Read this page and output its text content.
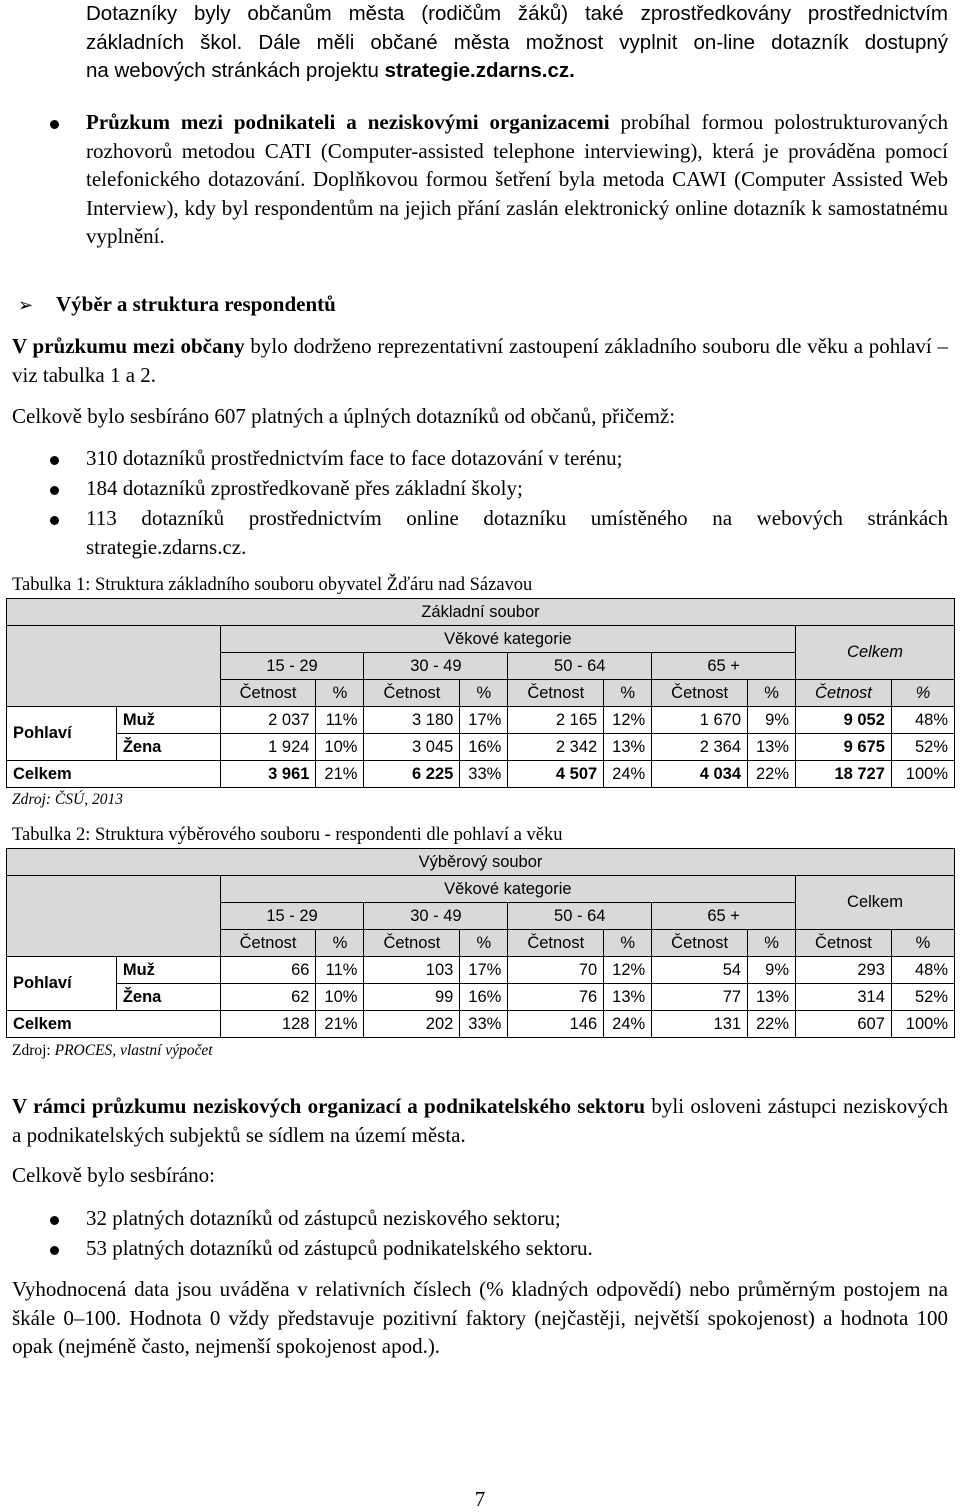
Dotazníky byly občanům města (rodičům žáků) také zprostředkovány prostřednictvím
základních škol. Dále měli občané města možnost vyplnit on-line dotazník dostupný
na webových stránkách projektu strategie.zdarns.cz.
Průzkum mezi podnikateli a neziskovými organizacemi probíhal formou polostrukturovaných rozhovorů metodou CATI (Computer-assisted telephone interviewing), která je prováděna pomocí telefonického dotazování. Doplňkovou formou šetření byla metoda CAWI (Computer Assisted Web Interview), kdy byl respondentům na jejich přání zaslán elektronický online dotazník k samostatnému vyplnění.
➢ Výběr a struktura respondentů
V průzkumu mezi občany bylo dodrženo reprezentativní zastoupení základního souboru dle věku a pohlaví – viz tabulka 1 a 2.
Celkově bylo sesbíráno 607 platných a úplných dotazníků od občanů, přičemž:
310 dotazníků prostřednictvím face to face dotazování v terénu;
184 dotazníků zprostředkovaně přes základní školy;
113 dotazníků prostřednictvím online dotazníku umístěného na webových stránkách strategie.zdarns.cz.
Tabulka 1: Struktura základního souboru obyvatel Žďáru nad Sázavou
Základní soubor											
		Věkové kategorie								Celkem	
		15 - 29		30 - 49		50 - 64		65 +			
		Četnost	%	Četnost	%	Četnost	%	Četnost	%	Četnost	%
Pohlaví	Muž	2 037	11%	3 180	17%	2 165	12%	1 670	9%	9 052	48%
	Žena	1 924	10%	3 045	16%	2 342	13%	2 364	13%	9 675	52%
Celkem		3 961	21%	6 225	33%	4 507	24%	4 034	22%	18 727	100%
Zdroj: ČSÚ, 2013
Tabulka 2: Struktura výběrového souboru - respondenti dle pohlaví a věku
Výběrový soubor											
		Věkové kategorie								Celkem	
		15 - 29		30 - 49		50 - 64		65 +			
		Četnost	%	Četnost	%	Četnost	%	Četnost	%	Četnost	%
Pohlaví	Muž	66	11%	103	17%	70	12%	54	9%	293	48%
	Žena	62	10%	99	16%	76	13%	77	13%	314	52%
Celkem		128	21%	202	33%	146	24%	131	22%	607	100%
Zdroj: PROCES, vlastní výpočet
V rámci průzkumu neziskových organizací a podnikatelského sektoru byli osloveni zástupci neziskových a podnikatelských subjektů se sídlem na území města.
Celkově bylo sesbíráno:
32 platných dotazníků od zástupců neziskového sektoru;
53 platných dotazníků od zástupců podnikatelského sektoru.
Vyhodnocená data jsou uváděna v relativních číslech (% kladných odpovědí) nebo průměrným postojem na škále 0–100. Hodnota 0 vždy představuje pozitivní faktory (nejčastěji, největší spokojenost) a hodnota 100 opak (nejméně často, nejmenší spokojenost apod.).
7
